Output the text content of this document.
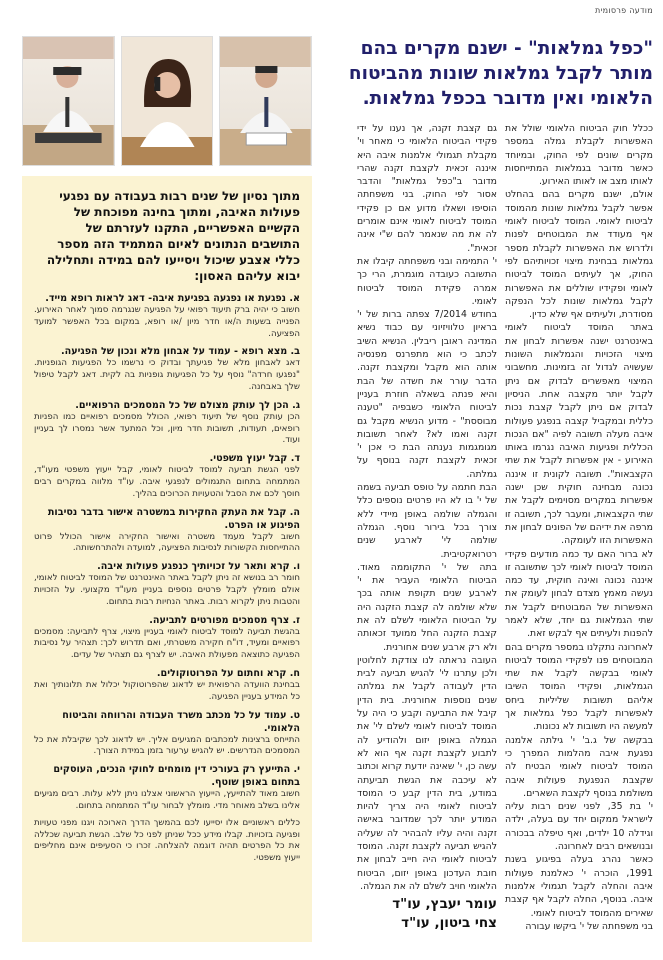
מודעה פרסומית
"כפל גמלאות" - ישנם מקרים בהם מותר לקבל גמלאות שונות מהביטוח הלאומי ואין מדובר בכפל גמלאות.

ככלל חוק הביטוח הלאומי שולל את האפשרות לקבלת גמלה במספר מקרים שונים לפי החוק, ובמיוחד כאשר מדובר בגמלאות המתייחסות לאותו מצב או לאותו האירוע.

אולם, ישנם מקרים בהם בהחלט אפשר לקבל גמלאות שונות מהמוסד לביטוח לאומי. המוסד לביטוח לאומי אף מעודד את המבוטחים לפנות ולדרוש את האפשרות לקבלת מספר גמלאות בבחינת מיצוי זכויותיהם לפי החוק, אך לעיתים המוסד לביטוח לאומי ופקידיו שוללים את האפשרות לקבל גמלאות שונות לכל הנפקה מסודרת, ולעיתים אף שלא כדין.

באתר המוסד לביטוח לאומי באינטרנט ישנה אפשרות לבחון את מיצוי הזכויות והגמלאות השונות שעשויה לגדול זה בזמינות. מחשבוני המיצוי מאפשרים לבדוק אם ניתן לקבל יותר מקצבה אחת. הניסיון לבדוק אם ניתן לקבל קצבת נכות כללית ובמקביל קצבה בנפגע פעולות איבה מעלה תשובה לפיה "אם הנכות הכללית ופגיעות האיבה נגרמו באותו האירוע - אין אפשרות לקבל את שתי הקצבאות". תשובה לקונית זו איננה נכונה מבחינה חוקית שכן ישנה אפשרות במקרים מסוימים לקבל את שתי הקצבאות, ומעבר לכך, תשובה זו מרפה את ידיהם של הפונים לבחון את האפשרות הזו לעומקה.

לא ברור האם עד כמה מודעים פקידי המוסד לביטוח לאומי לכך שתשובה זו איננה נכונה ואינה חוקית, עד כמה נעשה מאמץ מצדם לבחון לעומק את האפשרות של המבוטחים לקבל את שתי הגמלאות גם יחד, שלא לאמר להפנות ולעיתים אף לבקש זאת.

לאחרונה נתקלנו במספר מקרים בהם המבוטחים פנו לפקידי המוסד לביטוח לאומי בבקשה לקבל את שתי הגמלאות, ופקידי המוסד השיבו אליהם תשובות שליליות ביחס לאפשרות לקבל כפל גמלאות אך למעשה היו תשובות לא נכונות.

בבקשה של ג.ב' י' גילתה אלמנה נפגעת איבה מהלמות המפרך כי המוסד לביטוח לאומי הבטיח לה שקצבת הנפגעת פעולות איבה משולמת בנוסף לקצבת השארים.

י' בת 35, לפני שנים רבות עליה לישראל ממקום יחד עם בעלה, ילדה וגידלה 10 ילדים, ואף טיפלה בבכורה ובנושאים רבים לאחרונה.

כאשר נהרג בעלה בפיגוע בשנת 1991, הוכרה י' כאלמנת פעולות איבה והחלה לקבל תגמולי אלמנות איבה. בנוסף, החלה לקבל אף קצבת שאירים מהמוסד לביטוח לאומי.

בני משפחתה של י' ביקשו עבורה

גם קצבת זקנה, אך נענו על ידי פקידי הביטוח הלאומי כי מאחר וי' מקבלת תגמולי אלמנות איבה היא איננה זכאית לקצבת זקנה שהרי מדובר ב"כפל גמלאות" והדבר אסור לפי החוק. בני משפחתה הוסיפו ושאלו מדוע אם כן פקידי המוסד לביטוח לאומי אינם אומרים לה את מה שנאמר להם ש"י אינה זכאית".

י' התמימה ובני משפחתה קיבלו את התשובה כעובדה מוגמרת, הרי כך אמרה פקידת המוסד לביטוח לאומי.

בחודש 7/2014 צפתה ברות של י' בראיון טלוויזיוני עם כבוד נשיא המדינה ראובן ריבלין. הנשיא השיב לכתב כי הוא מתפרנס מפנסיה אותה הוא מקבל ומקצבת זקנה. הדבר עורר את חשדה של הבת והיא פנתה בשאלה חוזרת בעניין לביטוח הלאומי כשבפיה "טענה מבוססת" - מדוע הנשיא מקבל גם זקנה ואמו לא? לאחר תשובות מגומגמות נענתה הבת כי אכן י' זכאית לקצבת זקנה בנוסף על גמלתה.

הבת חתמה על טופס תביעה בשמה של י' בו לא היו פרטים נוספים כלל והגמלה שולמה באופן מיידי ללא צורך בכל בירור נוסף. הגמלה שולמה לי' לארבע שנים רטרואקטיבית.

בתה של י' התקוממה מאוד. הביטוח הלאומי העביר את י' לארבע שנים תקופת אותה בכך שלא שולמה לה קצבת הזקנה היה על הביטוח הלאומי לשלם לה את קצבת הזקנה החל ממועד זכאותה ולא רק ארבע שנים אחורנית.

העובה נראתה לנו צודקת לחלוטין ולכן עתרנו לי' להגיש תביעה לבית הדין לעבודה לקבל את גמלתה שנים נוספות אחורנית. בית הדין קיבל את התביעה וקבע כי היה על המוסד לביטוח לאומי לשלם לי' את הגמלה באופן יזום ולהודיע לה לתבוע לקצבת זקנה אף הוא לא עשה כן, י' שאינה יודעת קרוא וכתוב לא עיכבה את הגשת תביעתה במודע, בית הדין קבע כי המוסד לביטוח לאומי היה צריך להיות המודע יותר לכך שמדובר באישה זקנה והיה עליו להבהיר לה שעליה להגיש תביעה לקצבת זקנה. המוסד לביטוח לאומי היה חייב לבחון את חובת העדכון באופן יזום, הביטוח הלאומי חויב לשלם לה את הגמלה.

עומר יעבץ, עו"ד
צחי ביטון, עו"ד
מתוך נסיון של שנים רבות בעבודה עם נפגעי פעולות האיבה, ומתוך בחינה מפוכחת של הקשיים האפשריים, התקנו לעזרתם של התושבים הנתונים לאיום המתמיד הזה מספר כללי אצבע שיכול ויסייעו להם במידה ותחלילה יבוא עליהם האסון:
א. נפגעת או נפגעה בפגיעת איבה- דאג לראות רופא מייד.
חשוב כי יהיה ברק תיעוד רפואי על הפגיעה שנגרמה סמוך לאחר האירוע. הפנייה בשעות ה/או חדר מיון /או רופא, במקום בכל האפשר למועד הפציעה.
ב. מצא רופא - עמוד על אבחון מלא ונכון של הפגיעה.
דאג לאבחון מלא של פגיעתך ובדוק כי נרשמו כל הפגיעות הגופניות. "נפגעו חרדה" נוסף על כל הפגיעות גופניות בה לקית. דאג לקבל טיפול שלך באבחנה.
ג. הכן לך עותק מצולם של כל המסמכים הרפואיים.
הכן עותק נוסף של תיעוד רפואי, הכולל מסמכים רפואיים כמו הפניות רופאים, תעודות, תשובות חדר מיון, וכל המתעד אשר נמסרו לך בעניין ועוד.
ד. קבל יעוץ משפטי.
לפני הגשת תביעה למוסד לביטוח לאומי, קבל ייעוץ משפטי מעו"ד, המתמחה בתחום התגמולים לנפגעי איבה. עו"ד מלווה במקרים רבים חוסך לכם את הסבל והטעויות הכרוכים בהליך.
ה. קבל את העתק החקירות במשטרה אישור בדבר נסיבות הפיגוע או הפרט.
חשוב לקבל מעמד משטרה ואישור החקירה אישור הכולל פרוט ההתייחסות הקשורות לנסיבות הפציעה, למועדה ולהתרחשותה.
ו. קרא ותאר על זכויותיך כנפגע פעולות איבה.
חומר רב בנושא זה ניתן לקבל באתר האינטרנט של המוסד לביטוח לאומי, אולם מומלץ לקבל פרטים נוספים בעניין מעו"ד מקצועי. על הזכויות והטבות ניתן לקרוא רבות. באתר הנחיות רבות בתחום.
ז. צרף מסמכים מפורטים לתביעה.
בהגשת תביעה למוסד לביטוח לאומי בעניין מיצוי, צרף לתביעה: מסמכים רפואיים ומעיד, דו"ח חקירה משטרתי, ואם תדרוש לכך: תצהיר על נסיבות הפגיעה כתוצאה מפעולת האיבה. יש לצרף גם תצהיר של עדים.
ח. קרא וחתום על הפרוטוקולים.
בבחינת הוועדה הרפואית יש לדאוג שהפרוטוקול יכלול את תלונותיך ואת כל המידע בעניין הפגיעה.
ט. עמוד על כל מכתב משרד העבודה והרווחה והביטוח הלאומי.
התייחס ברצינות למכתבים המגיעים אליך. יש לדאוג לכך שקיבלת את כל המסמכים הנדרשים. יש להגיש ערעור בזמן במידת הצורך.
י. התייעץ רק בעורכי דין מומחים לחוקי הנכים, העוסקים בתחום באופן שוטף.
חשוב מאוד להתייעץ, הייעוץ הראשוני אצלנו ניתן ללא עלות. רבים מגיעים אלינו בשלב מאוחר מדי. מומלץ לבחור עו"ד המתמחה בתחום.
כללים ראשוניים אלו יסייעו לכם בהמשך הדרך הארוכה ויגנו מפני טעויות ופגיעה בזכויות. קבלו מידע ככל שניתן לפני כל שלב. הגשת תביעה שכללה את כל הפרטים תהיה דוגמה להצלחה. זכרו כי הסעיפים אינם מחליפים ייעוץ משפטי.
